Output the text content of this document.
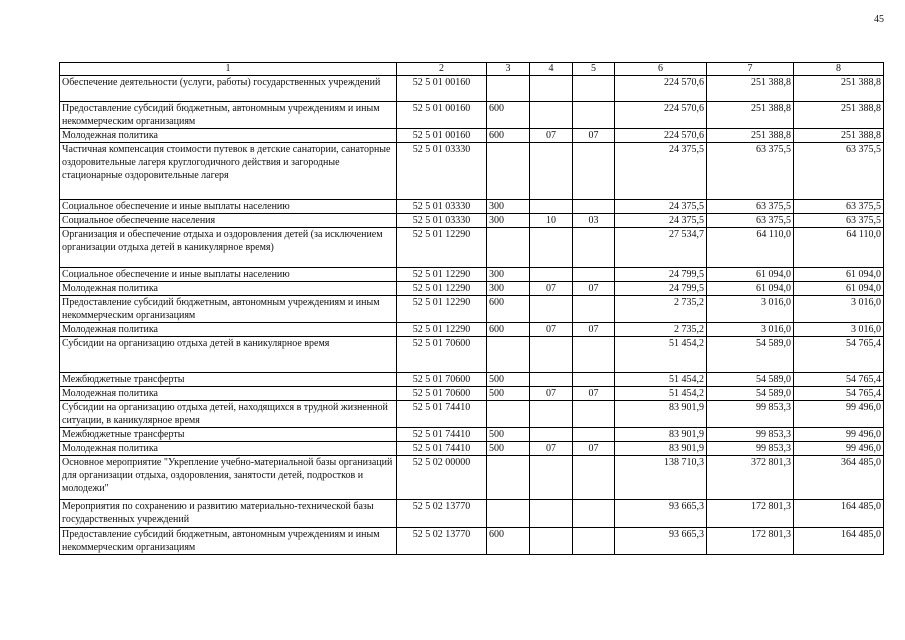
45
1	2	3	4	5	6	7	8
Обеспечение деятельности (услуги, работы) государственных учреждений	52 5 01 00160				224 570,6	251 388,8	251 388,8
Предоставление субсидий бюджетным, автономным учреждениям и иным некоммерческим организациям	52 5 01 00160	600			224 570,6	251 388,8	251 388,8
Молодежная политика	52 5 01 00160	600	07	07	224 570,6	251 388,8	251 388,8
Частичная компенсация стоимости путевок в детские санатории, санаторные оздоровительные лагеря круглогодичного действия и загородные стационарные оздоровительные лагеря	52 5 01 03330				24 375,5	63 375,5	63 375,5
Социальное обеспечение и иные выплаты населению	52 5 01 03330	300			24 375,5	63 375,5	63 375,5
Социальное обеспечение населения	52 5 01 03330	300	10	03	24 375,5	63 375,5	63 375,5
Организация и обеспечение отдыха и оздоровления детей (за исключением организации отдыха детей в каникулярное время)	52 5 01 12290				27 534,7	64 110,0	64 110,0
Социальное обеспечение и иные выплаты населению	52 5 01 12290	300			24 799,5	61 094,0	61 094,0
Молодежная политика	52 5 01 12290	300	07	07	24 799,5	61 094,0	61 094,0
Предоставление субсидий бюджетным, автономным учреждениям и иным некоммерческим организациям	52 5 01 12290	600			2 735,2	3 016,0	3 016,0
Молодежная политика	52 5 01 12290	600	07	07	2 735,2	3 016,0	3 016,0
Субсидии на организацию отдыха детей в каникулярное время	52 5 01 70600				51 454,2	54 589,0	54 765,4
Межбюджетные трансферты	52 5 01 70600	500			51 454,2	54 589,0	54 765,4
Молодежная политика	52 5 01 70600	500	07	07	51 454,2	54 589,0	54 765,4
Субсидии на организацию отдыха детей, находящихся в трудной жизненной ситуации, в каникулярное время	52 5 01 74410				83 901,9	99 853,3	99 496,0
Межбюджетные трансферты	52 5 01 74410	500			83 901,9	99 853,3	99 496,0
Молодежная политика	52 5 01 74410	500	07	07	83 901,9	99 853,3	99 496,0
Основное мероприятие "Укрепление учебно-материальной базы организаций для организации отдыха, оздоровления, занятости детей, подростков и молодежи"	52 5 02 00000				138 710,3	372 801,3	364 485,0
Мероприятия по сохранению и развитию материально-технической базы государственных учреждений	52 5 02 13770				93 665,3	172 801,3	164 485,0
Предоставление субсидий бюджетным, автономным учреждениям и иным некоммерческим организациям	52 5 02 13770	600			93 665,3	172 801,3	164 485,0
